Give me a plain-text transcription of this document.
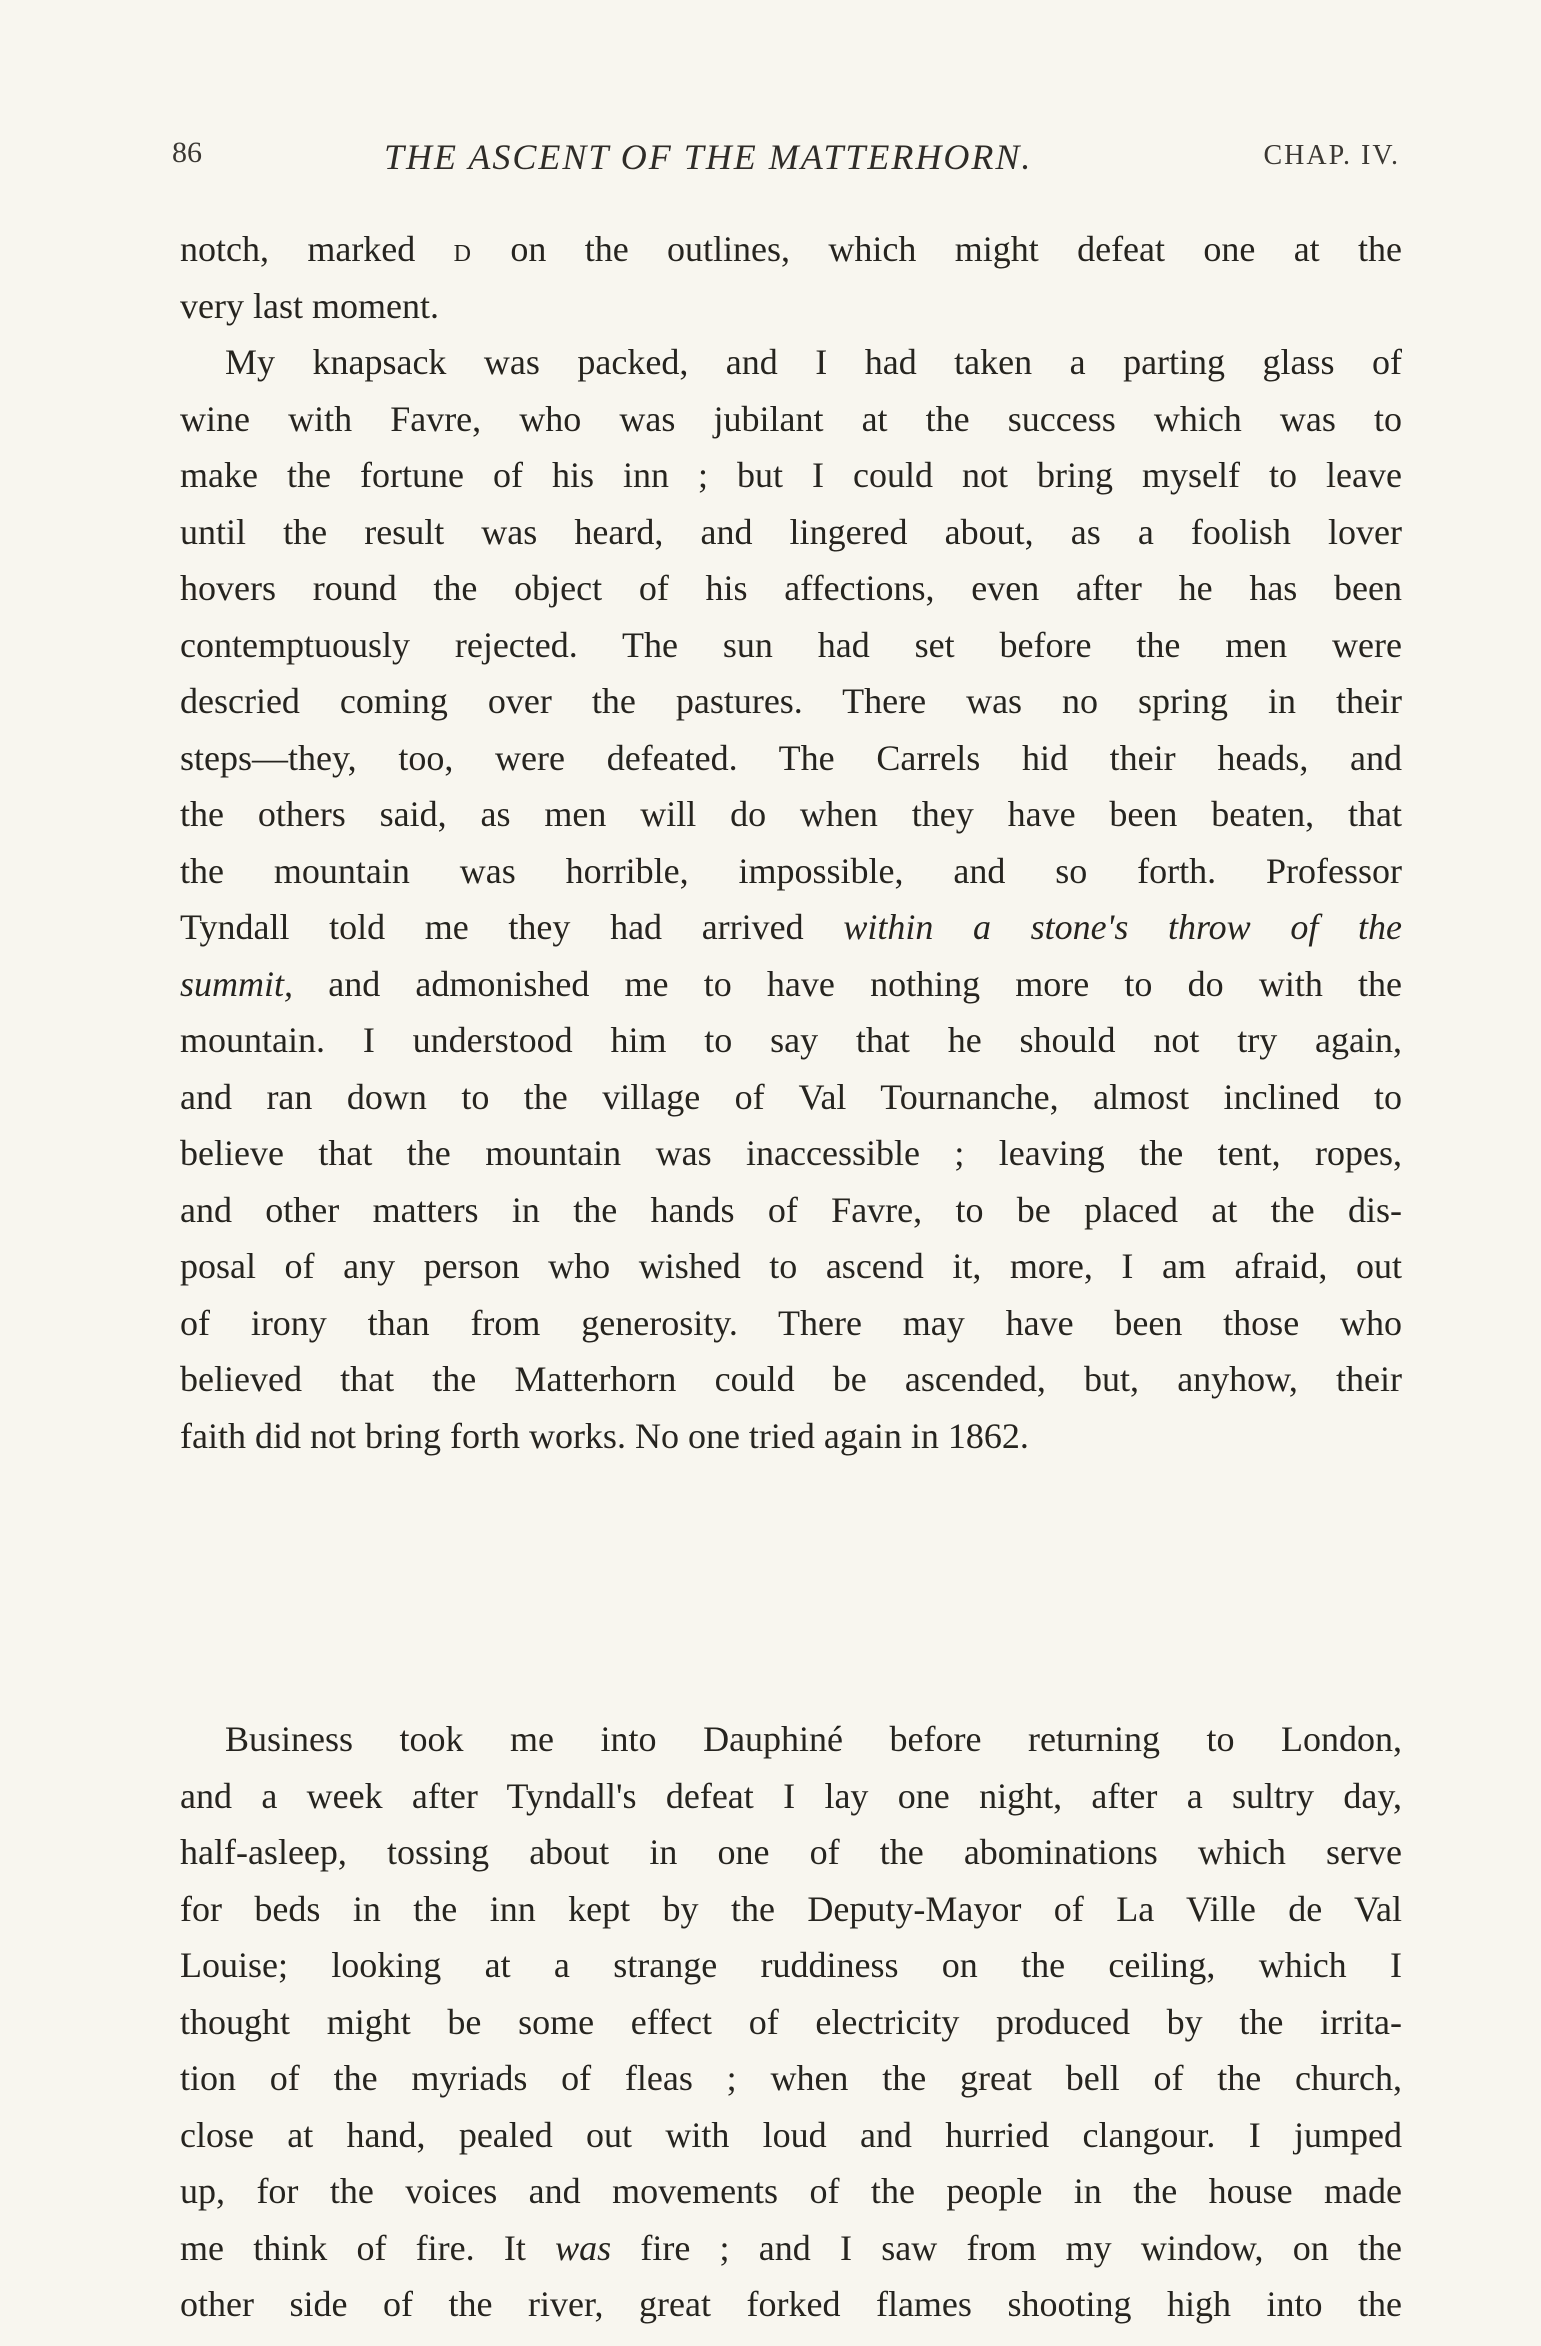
86	THE ASCENT OF THE MATTERHORN.	CHAP. IV.
notch, marked D on the outlines, which might defeat one at the
very last moment.
My knapsack was packed, and I had taken a parting glass of
wine with Favre, who was jubilant at the success which was to
make the fortune of his inn ; but I could not bring myself to leave
until the result was heard, and lingered about, as a foolish lover
hovers round the object of his affections, even after he has been
contemptuously rejected. The sun had set before the men were
descried coming over the pastures. There was no spring in their
steps—they, too, were defeated. The Carrels hid their heads, and
the others said, as men will do when they have been beaten, that
the mountain was horrible, impossible, and so forth. Professor
Tyndall told me they had arrived within a stone's throw of the
summit, and admonished me to have nothing more to do with the
mountain. I understood him to say that he should not try again,
and ran down to the village of Val Tournanche, almost inclined to
believe that the mountain was inaccessible ; leaving the tent, ropes,
and other matters in the hands of Favre, to be placed at the dis-
posal of any person who wished to ascend it, more, I am afraid, out
of irony than from generosity. There may have been those who
believed that the Matterhorn could be ascended, but, anyhow, their
faith did not bring forth works. No one tried again in 1862.
Business took me into Dauphiné before returning to London,
and a week after Tyndall's defeat I lay one night, after a sultry day,
half-asleep, tossing about in one of the abominations which serve
for beds in the inn kept by the Deputy-Mayor of La Ville de Val
Louise; looking at a strange ruddiness on the ceiling, which I
thought might be some effect of electricity produced by the irrita-
tion of the myriads of fleas ; when the great bell of the church,
close at hand, pealed out with loud and hurried clangour. I jumped
up, for the voices and movements of the people in the house made
me think of fire. It was fire ; and I saw from my window, on the
other side of the river, great forked flames shooting high into the
